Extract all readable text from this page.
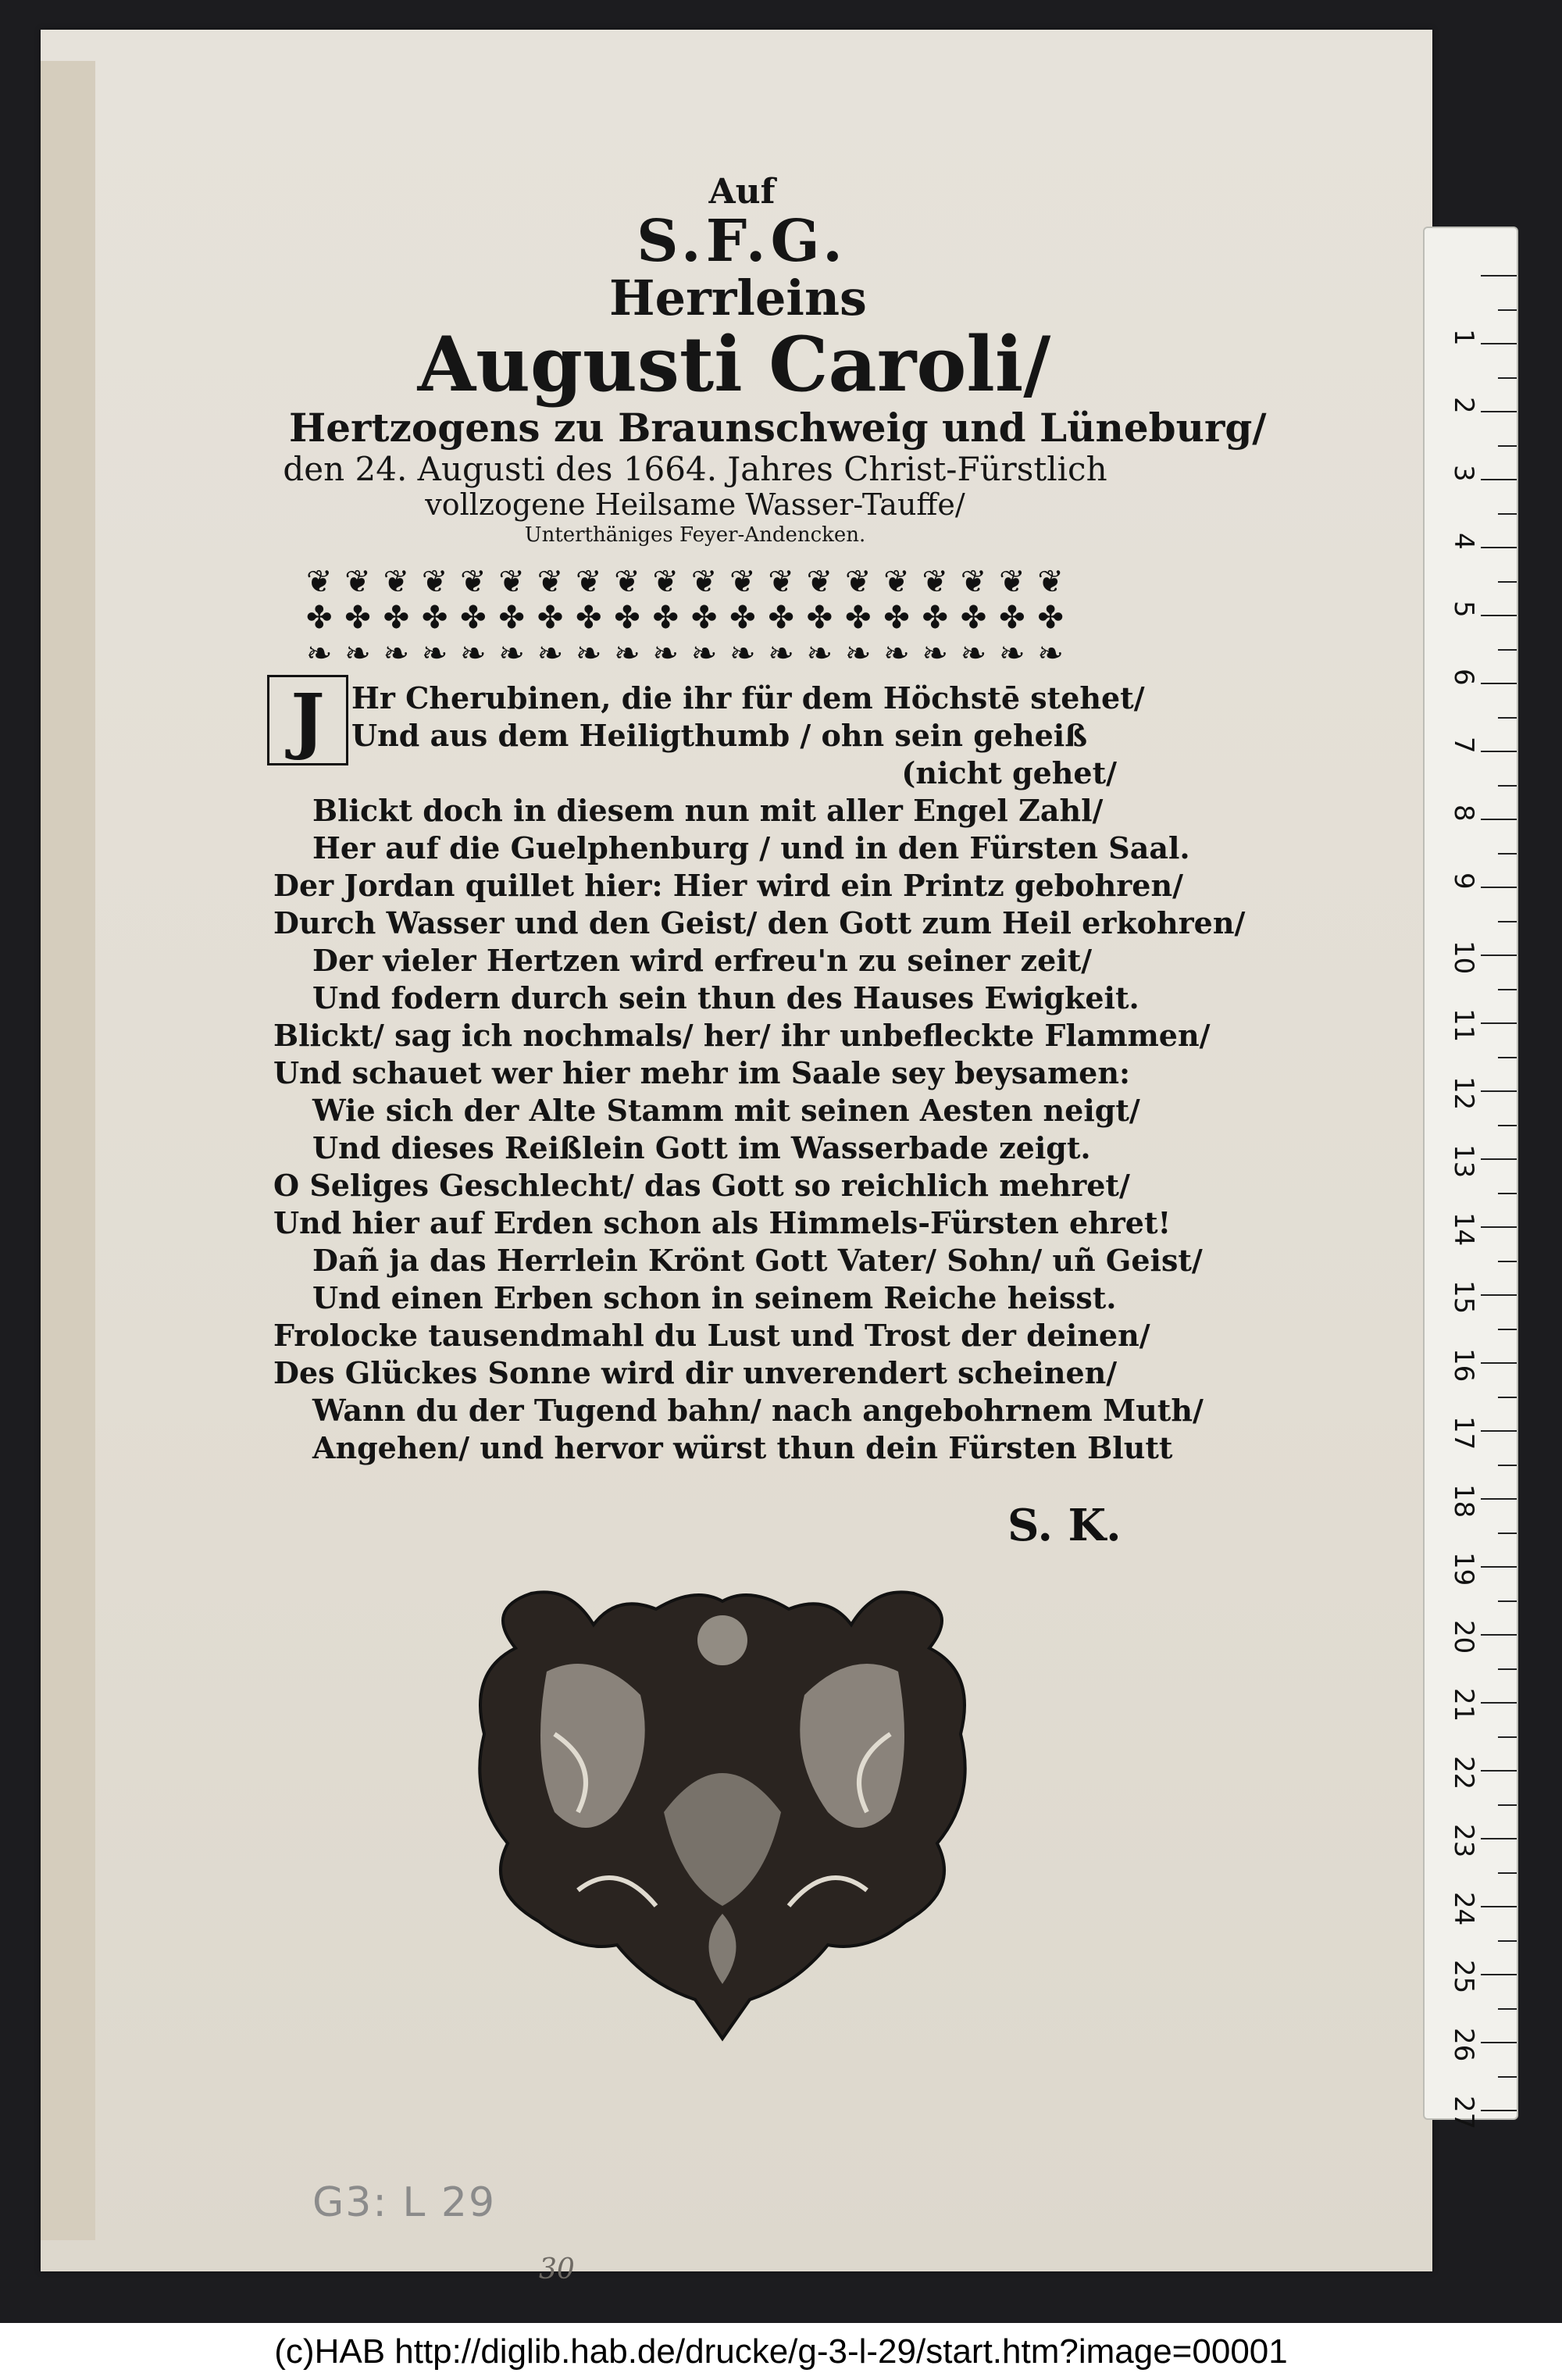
Auf
S.F.G.
Herrleins
Augusti Caroli/
Hertzogens zu Braunschweig und Lüneburg/
den 24. Augusti des 1664. Jahres Christ-Fürstlich
vollzogene Heilsame Wasser-Tauffe/
Unterthäniges Feyer-Andencken.
❦ ❦ ❦ ❦ ❦ ❦ ❦ ❦ ❦ ❦ ❦ ❦ ❦ ❦ ❦ ❦ ❦ ❦ ❦ ❦
✤ ✤ ✤ ✤ ✤ ✤ ✤ ✤ ✤ ✤ ✤ ✤ ✤ ✤ ✤ ✤ ✤ ✤ ✤ ✤
❧ ❧ ❧ ❧ ❧ ❧ ❧ ❧ ❧ ❧ ❧ ❧ ❧ ❧ ❧ ❧ ❧ ❧ ❧ ❧
J Hr Cherubinen, die ihr für dem Höchstē stehet/
Und aus dem Heiligthumb / ohn sein geheiß
(nicht gehet/
Blickt doch in diesem nun mit aller Engel Zahl/
Her auf die Guelphenburg / und in den Fürsten Saal.
Der Jordan quillet hier: Hier wird ein Printz gebohren/
Durch Wasser und den Geist/ den Gott zum Heil erkohren/
Der vieler Hertzen wird erfreu'n zu seiner zeit/
Und fodern durch sein thun des Hauses Ewigkeit.
Blickt/ sag ich nochmals/ her/ ihr unbefleckte Flammen/
Und schauet wer hier mehr im Saale sey beysamen:
Wie sich der Alte Stamm mit seinen Aesten neigt/
Und dieses Reißlein Gott im Wasserbade zeigt.
O Seliges Geschlecht/ das Gott so reichlich mehret/
Und hier auf Erden schon als Himmels-Fürsten ehret!
Dañ ja das Herrlein Krönt Gott Vater/ Sohn/ uñ Geist/
Und einen Erben schon in seinem Reiche heisst.
Frolocke tausendmahl du Lust und Trost der deinen/
Des Glückes Sonne wird dir unverendert scheinen/
Wann du der Tugend bahn/ nach angebohrnem Muth/
Angehen/ und hervor würst thun dein Fürsten Blutt
S. K.
G3: L 29
30
1
2
3
4
5
6
7
8
9
10
11
12
13
14
15
16
17
18
19
20
21
22
23
24
25
26
27
(c)HAB http://diglib.hab.de/drucke/g-3-l-29/start.htm?image=00001
